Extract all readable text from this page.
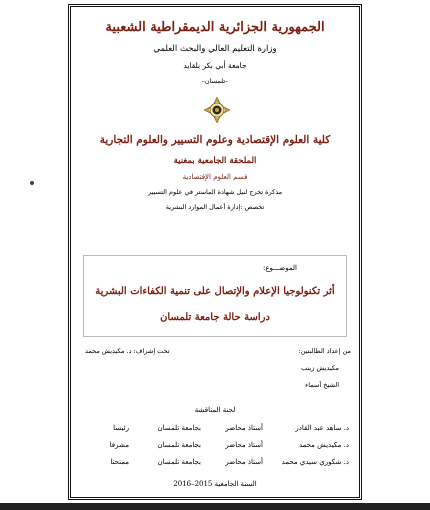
الجمهورية الجزائرية الديمقراطية الشعبية
وزارة التعليم العالي والبحث العلمي
جامعة أبي بكر بلقايد
–تلمسان–
كلية العلوم الإقتصادية وعلوم التسيير والعلوم التجارية
الملحقة الجامعية بمغنية
قسم العلوم الإقتصادية
مذكرة تخرج لنيل شهادة الماستر في علوم التسيير
تخصص :إدارة أعمال الموارد البشرية
الموضـــوع:
أثر تكنولوجيا الإعلام والإتصال على تنمية الكفاءات البشرية
دراسة حالة جامعة تلمسان
من إعداد الطالبتين:
تحت إشراف: د. مكيديش محمد
مكيديش زينب
الشيخ أسماء
لجنة المناقشة
د. ساهد عبد القادر
أستاذ محاضر
بجامعة تلمسان
رئيسا
د. مكيديش محمد
أستاذ محاضر
بجامعة تلمسان
مشرفا
د. شكوري سيدي محمد
أستاذ محاضر
بجامعة تلمسان
ممتحنا
السنة الجامعية 2015–2016
